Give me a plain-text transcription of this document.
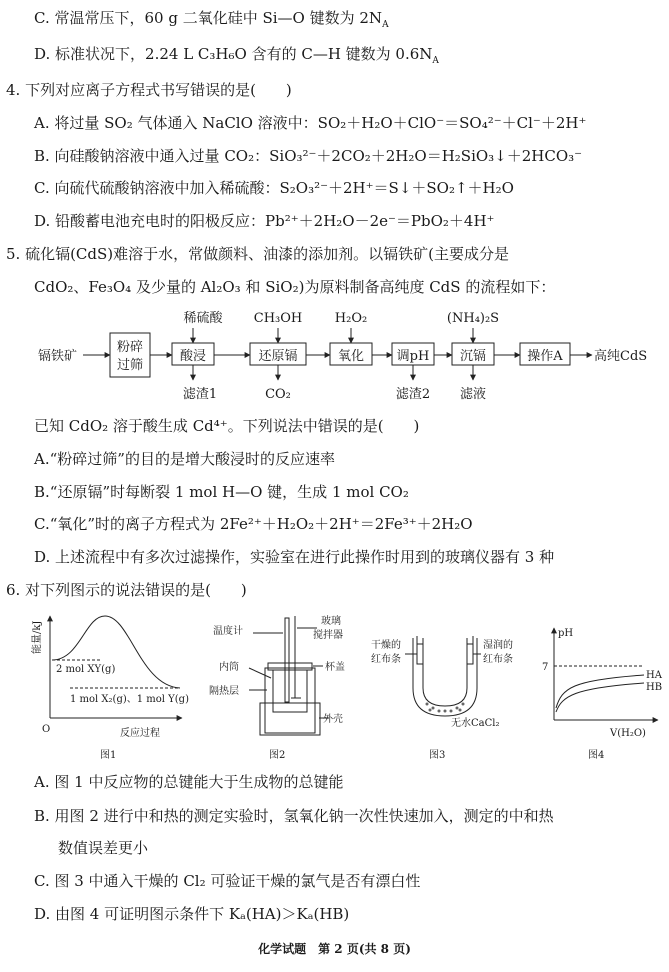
C. 常温常压下，60 g 二氧化硅中 Si—O 键数为 $2N_A$
D. 标准状况下，2.24 L C₃H₆O 含有的 C—H 键数为 $0.6N_A$
4. 下列对应离子方程式书写错误的是(　　)
A. 将过量 SO₂ 气体通入 NaClO 溶液中：SO₂＋H₂O＋ClO⁻＝SO₄²⁻＋Cl⁻＋2H⁺
B. 向硅酸钠溶液中通入过量 CO₂：SiO₃²⁻＋2CO₂＋2H₂O＝H₂SiO₃↓＋2HCO₃⁻
C. 向硫代硫酸钠溶液中加入稀硫酸：S₂O₃²⁻＋2H⁺＝S↓＋SO₂↑＋H₂O
D. 铅酸蓄电池充电时的阳极反应：Pb²⁺＋2H₂O－2e⁻＝PbO₂＋4H⁺
5. 硫化镉(CdS)难溶于水，常做颜料、油漆的添加剂。以镉铁矿(主要成分是
CdO₂、Fe₃O₄ 及少量的 Al₂O₃ 和 SiO₂)为原料制备高纯度 CdS 的流程如下：
镉铁矿
粉碎
过筛
酸浸	还原镉	氧化	调pH 沉镉	操作A 高纯CdS
稀硫酸 CH₃OH	H₂O₂	(NH₄)₂S
滤渣1	CO₂	滤渣2 滤液
已知 CdO₂ 溶于酸生成 Cd⁴⁺。下列说法中错误的是(　　)
A.“粉碎过筛”的目的是增大酸浸时的反应速率
B.“还原镉”时每断裂 1 mol H—O 键，生成 1 mol CO₂
C.“氧化”时的离子方程式为 2Fe²⁺＋H₂O₂＋2H⁺＝2Fe³⁺＋2H₂O
D. 上述流程中有多次过滤操作，实验室在进行此操作时用到的玻璃仪器有 3 种
6. 对下列图示的说法错误的是(　　)
能量/kJ
2 mol XY(g)
1 mol X₂(g)、1 mol Y(g)
O	反应过程
图1
温度计
玻璃
搅拌器
内筒	杯盖
隔热层
外壳
图2
干燥的
红布条
湿润的
红布条
无水CaCl₂
图3
pH
7
HA
HB
V(H₂O)
图4
A. 图 1 中反应物的总键能大于生成物的总键能
B. 用图 2 进行中和热的测定实验时，氢氧化钠一次性快速加入，测定的中和热
数值误差更小
C. 图 3 中通入干燥的 Cl₂ 可验证干燥的氯气是否有漂白性
D. 由图 4 可证明图示条件下 Kₐ(HA)＞Kₐ(HB)
化学试题　第 2 页(共 8 页)
